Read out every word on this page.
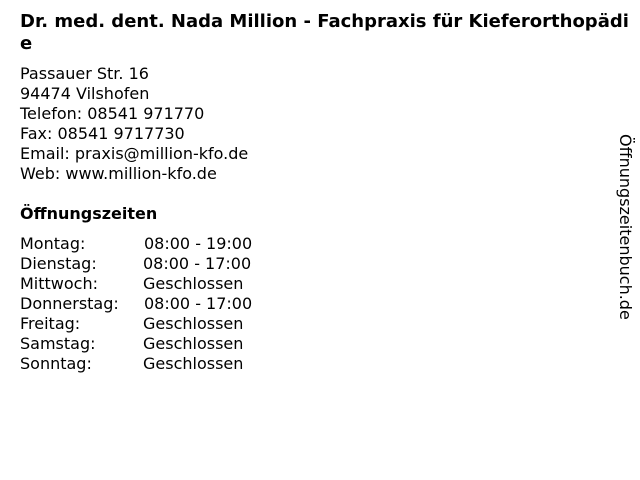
Dr. med. dent. Nada Million - Fachpraxis für Kieferorthopädie
Passauer Str. 16
94474 Vilshofen
Telefon: 08541 971770
Fax: 08541 9717730
Email: praxis@million-kfo.de
Web: www.million-kfo.de
Öffnungszeiten
Montag:	08:00 - 19:00
Dienstag:	08:00 - 17:00
Mittwoch:	Geschlossen
Donnerstag:	08:00 - 17:00
Freitag:	Geschlossen
Samstag:	Geschlossen
Sonntag:	Geschlossen
Öffnungszeitenbuch.de
